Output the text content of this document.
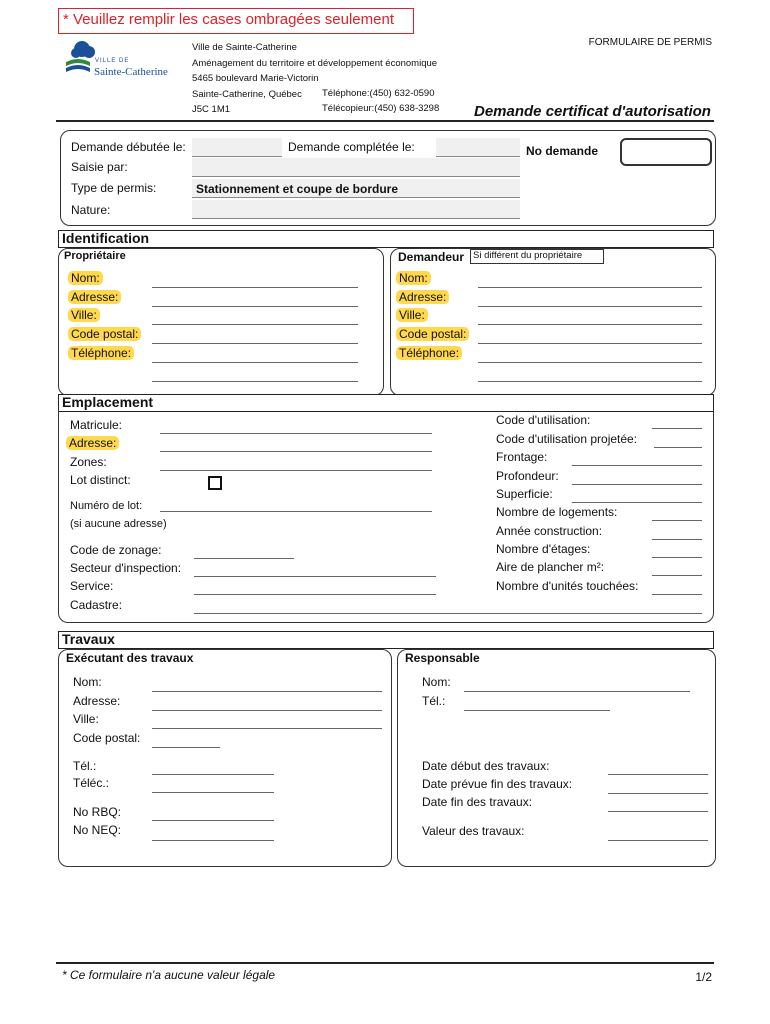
* Veuillez remplir les cases ombragées seulement
VILLE DE
Sainte-Catherine
Ville de Sainte-Catherine
Aménagement du territoire et développement économique
5465 boulevard Marie-Victorin
Sainte-Catherine, Québec
J5C 1M1
Téléphone:(450) 632-0590
Télécopieur:(450) 638-3298
FORMULAIRE DE PERMIS
Demande certificat d'autorisation
Demande débutée le:	Demande complétée le:	No demande
Saisie par:
Type de permis:	Stationnement et coupe de bordure
Nature:
Identification
Propriétaire	Demandeur Si différent du propriétaire
Nom:
Adresse:
Ville:
Code postal:
Téléphone:
Nom:
Adresse:
Ville:
Code postal:
Téléphone:
Emplacement
Matricule:
Adresse:
Zones:
Lot distinct:
Numéro de lot:
(si aucune adresse)
Code de zonage:
Secteur d'inspection:
Service:
Cadastre:
Code d'utilisation:
Code d'utilisation projetée:
Frontage:
Profondeur:
Superficie:
Nombre de logements:
Année construction:
Nombre d'étages:
Aire de plancher m²:
Nombre d'unités touchées:
Travaux
Exécutant des travaux	Responsable
Nom:
Adresse:
Ville:
Code postal:
Tél.:
Téléc.:
No RBQ:
No NEQ:
Nom:
Tél.:
Date début des travaux:
Date prévue fin des travaux:
Date fin des travaux:
Valeur des travaux:
* Ce formulaire n'a aucune valeur légale	1/2
